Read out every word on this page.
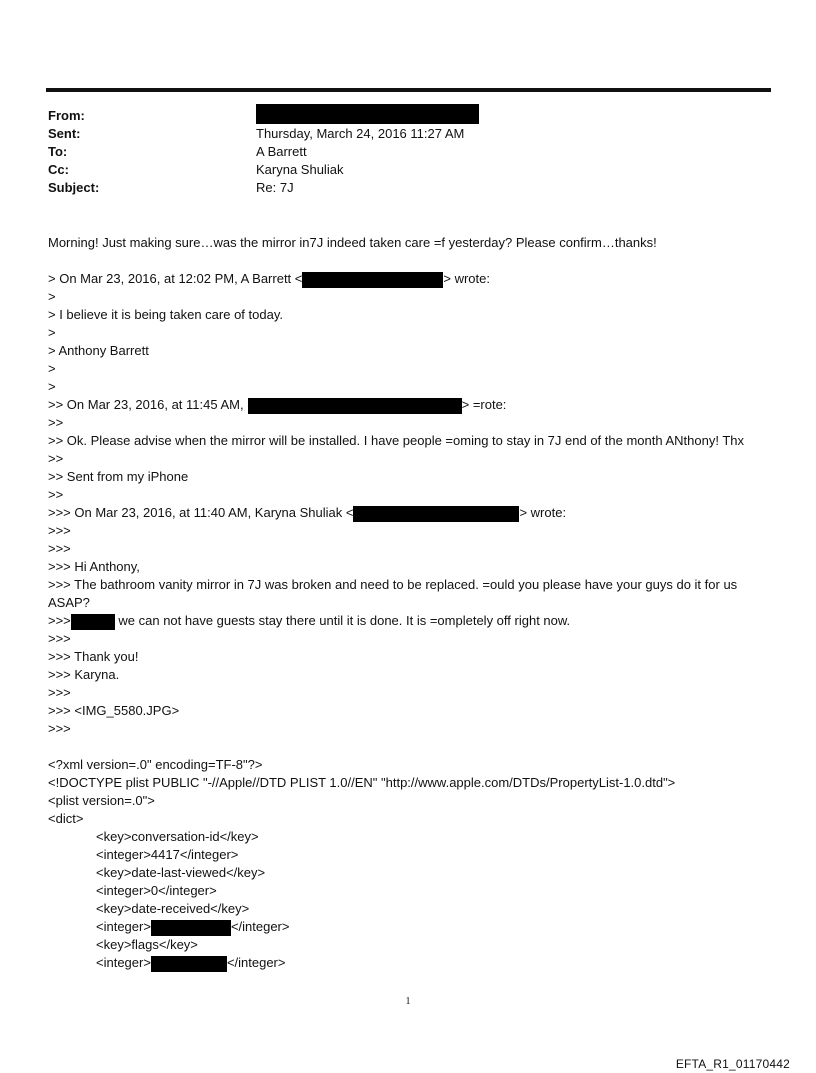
From:
Sent:	Thursday, March 24, 2016 11:27 AM
To:	A Barrett
Cc:	Karyna Shuliak
Subject:	Re: 7J
Morning! Just making sure…was the mirror in7J indeed taken care =f yesterday? Please confirm…thanks!
> On Mar 23, 2016, at 12:02 PM, A Barrett <	> wrote:
>
> I believe it is being taken care of today.
>
> Anthony Barrett
>
>
>> On Mar 23, 2016, at 11:45 AM,	> =rote:
>>
>> Ok. Please advise when the mirror will be installed. I have people =oming to stay in 7J end of the month ANthony! Thx
>>
>> Sent from my iPhone
>>
>>> On Mar 23, 2016, at 11:40 AM, Karyna Shuliak <	> wrote:
>>>
>>>
>>> Hi Anthony,
>>> The bathroom vanity mirror in 7J was broken and need to be replaced. =ould you please have your guys do it for us ASAP?
>>>	we can not have guests stay there until it is done. It is =ompletely off right now.
>>>
>>> Thank you!
>>> Karyna.
>>>
>>> <IMG_5580.JPG>
>>>
<?xml version=.0" encoding=TF-8"?>
<!DOCTYPE plist PUBLIC "-//Apple//DTD PLIST 1.0//EN" "http://www.apple.com/DTDs/PropertyList-1.0.dtd">
<plist version=.0">
<dict>
<key>conversation-id</key>
<integer>4417</integer>
<key>date-last-viewed</key>
<integer>0</integer>
<key>date-received</key>
<integer>	</integer>
<key>flags</key>
<integer>	</integer>
1
EFTA_R1_01170442
